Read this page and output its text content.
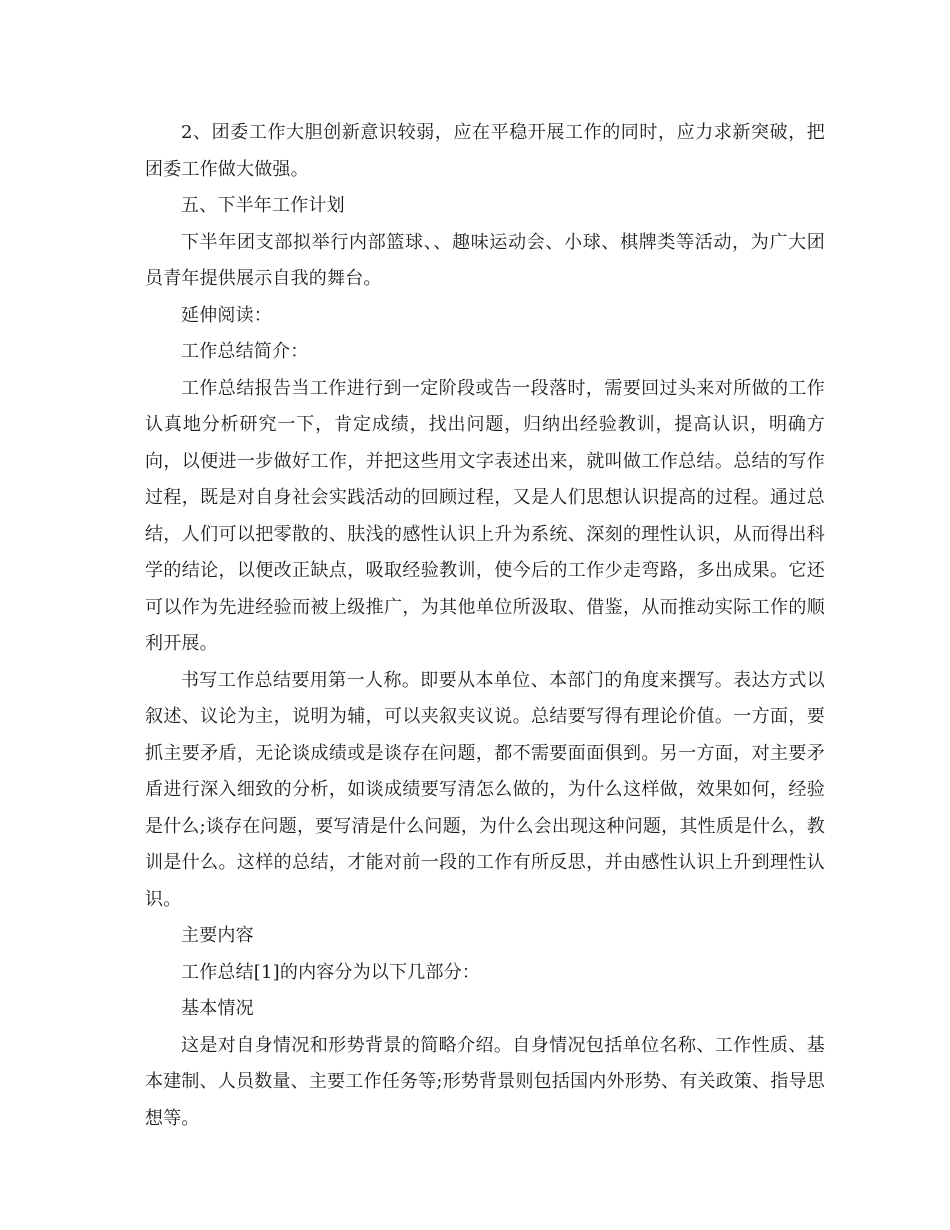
2、团委工作大胆创新意识较弱，应在平稳开展工作的同时，应力求新突破，把团委工作做大做强。

五、下半年工作计划

下半年团支部拟举行内部篮球、、趣味运动会、小球、棋牌类等活动，为广大团员青年提供展示自我的舞台。

延伸阅读：

工作总结简介：

工作总结报告当工作进行到一定阶段或告一段落时，需要回过头来对所做的工作认真地分析研究一下，肯定成绩，找出问题，归纳出经验教训，提高认识，明确方向，以便进一步做好工作，并把这些用文字表述出来，就叫做工作总结。总结的写作过程，既是对自身社会实践活动的回顾过程，又是人们思想认识提高的过程。通过总结，人们可以把零散的、肤浅的感性认识上升为系统、深刻的理性认识，从而得出科学的结论，以便改正缺点，吸取经验教训，使今后的工作少走弯路，多出成果。它还可以作为先进经验而被上级推广，为其他单位所汲取、借鉴，从而推动实际工作的顺利开展。

书写工作总结要用第一人称。即要从本单位、本部门的角度来撰写。表达方式以叙述、议论为主，说明为辅，可以夹叙夹议说。总结要写得有理论价值。一方面，要抓主要矛盾，无论谈成绩或是谈存在问题，都不需要面面俱到。另一方面，对主要矛盾进行深入细致的分析，如谈成绩要写清怎么做的，为什么这样做，效果如何，经验是什么;谈存在问题，要写清是什么问题，为什么会出现这种问题，其性质是什么，教训是什么。这样的总结，才能对前一段的工作有所反思，并由感性认识上升到理性认识。

主要内容

工作总结[1]的内容分为以下几部分：

基本情况

这是对自身情况和形势背景的简略介绍。自身情况包括单位名称、工作性质、基本建制、人员数量、主要工作任务等;形势背景则包括国内外形势、有关政策、指导思想等。
